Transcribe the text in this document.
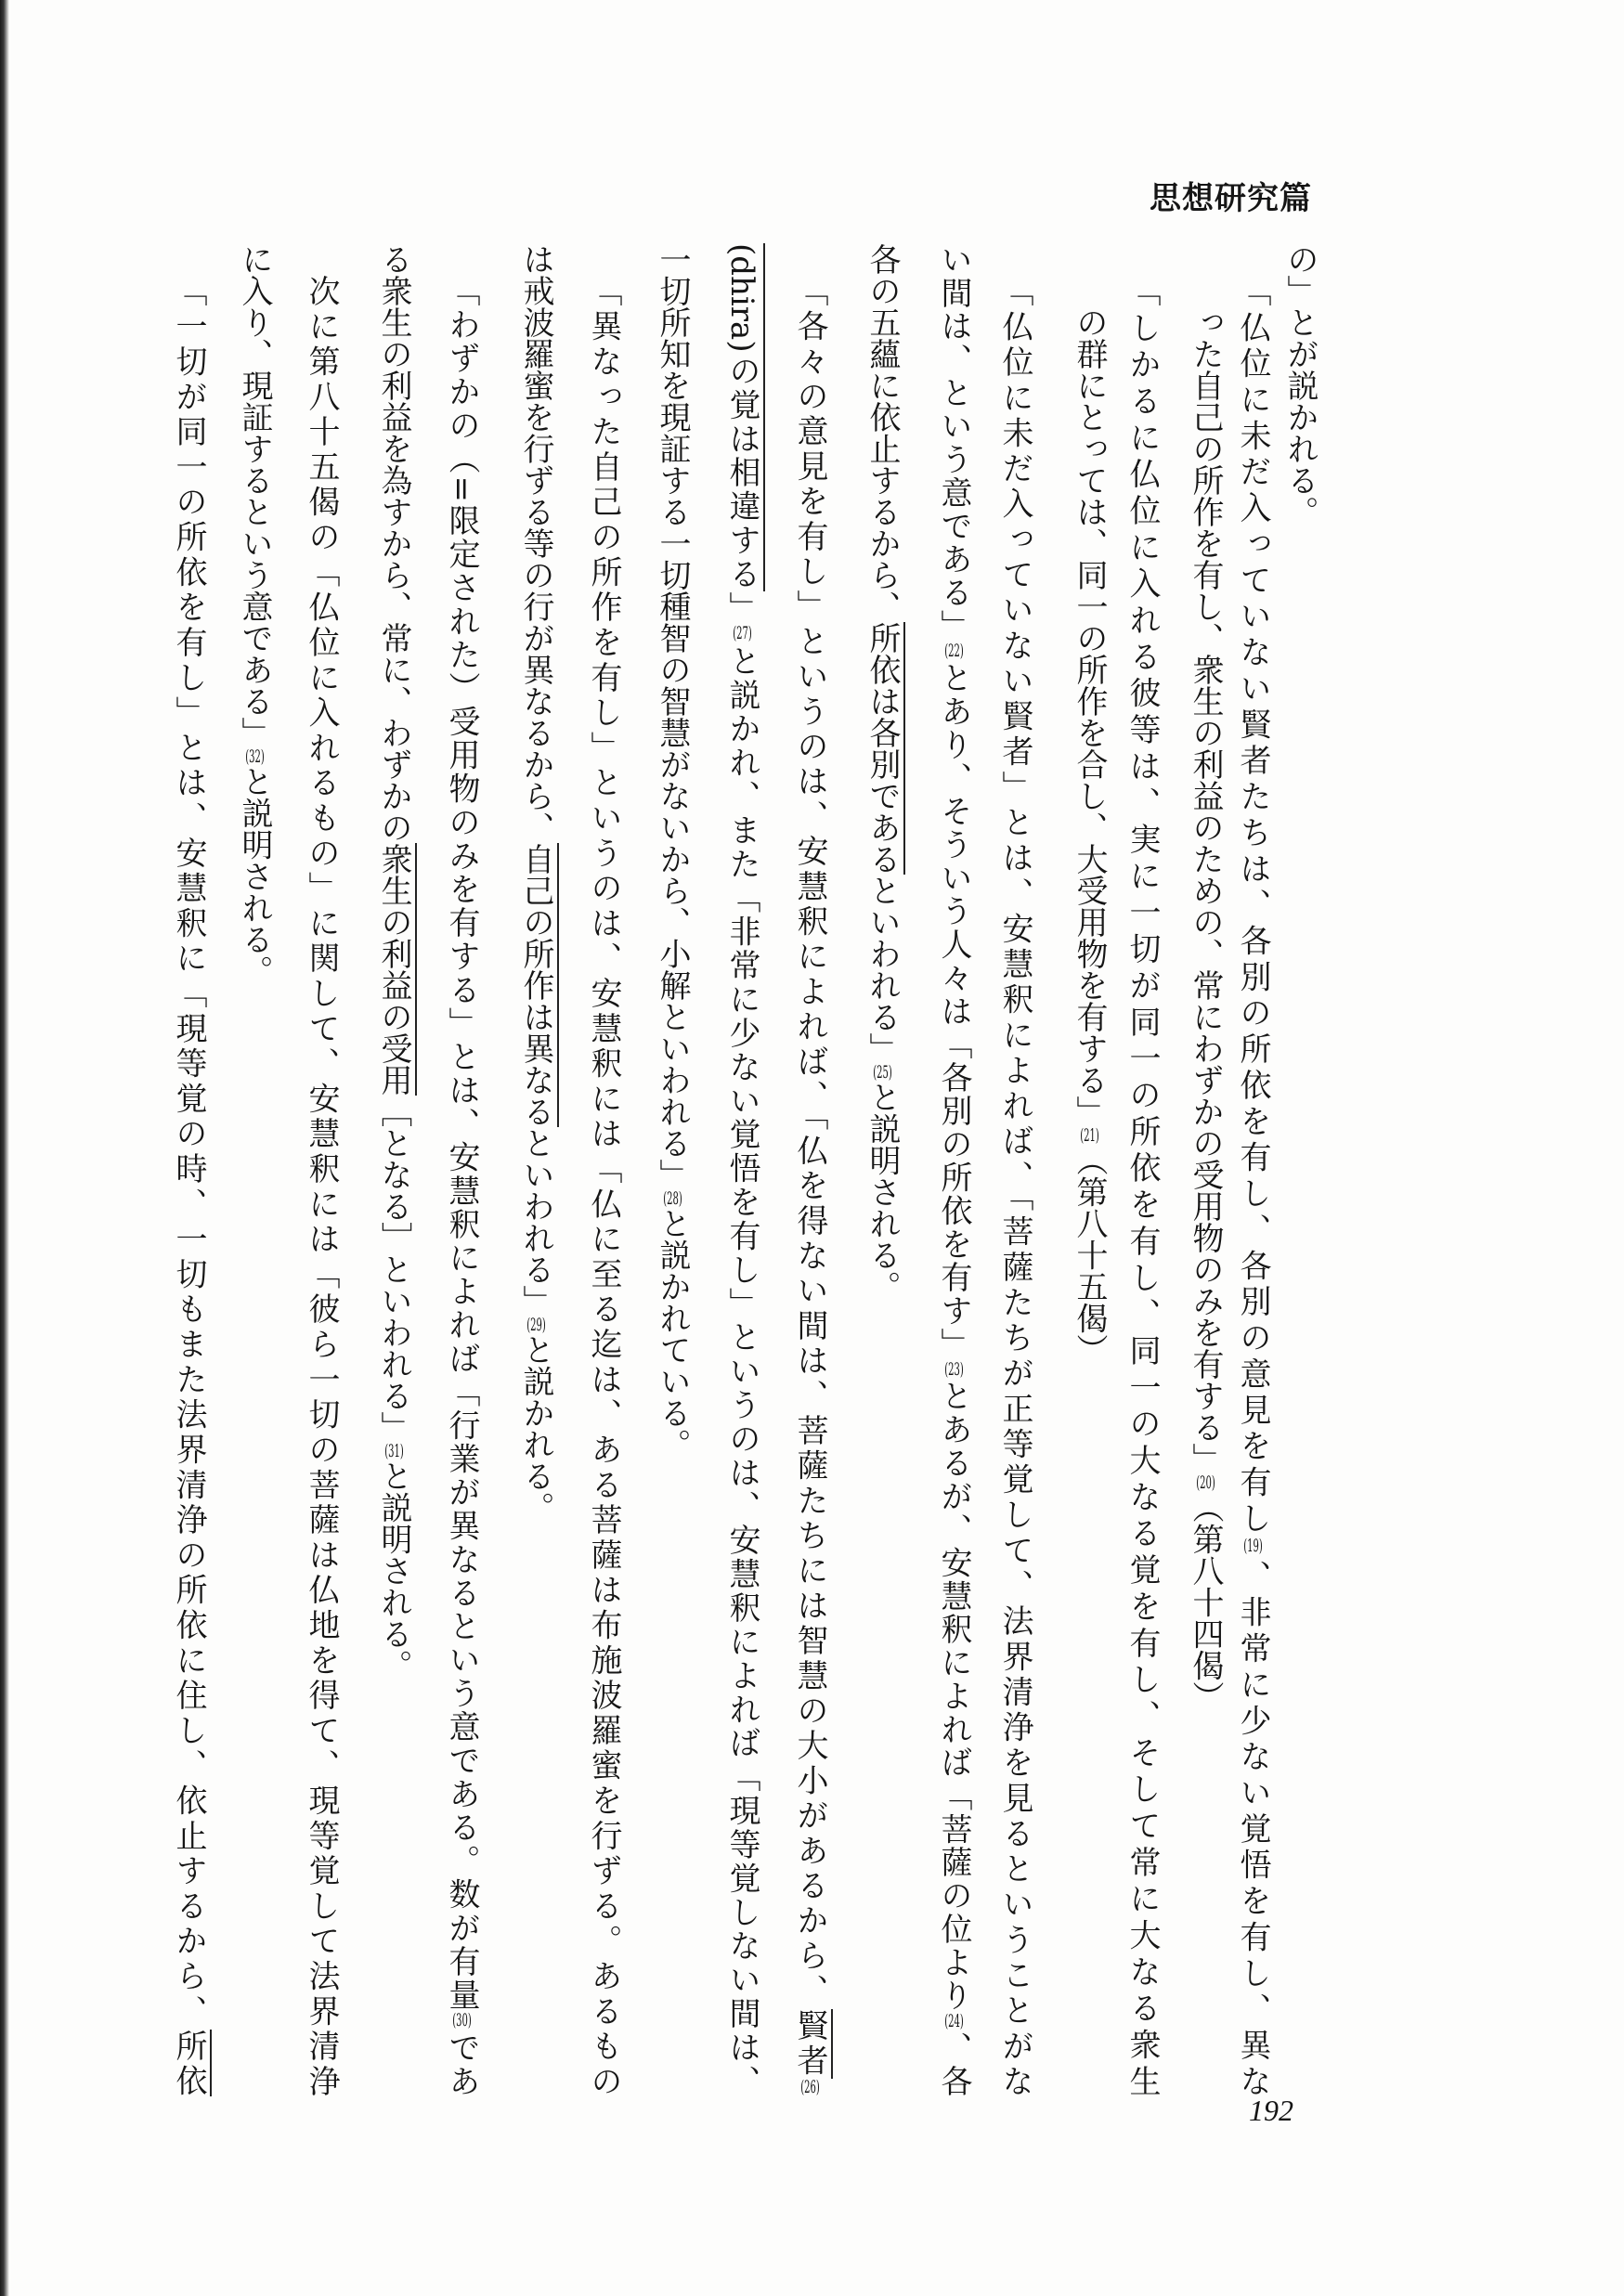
思想研究篇
の」とが説かれる。
「仏位に未だ入っていない賢者たちは、各別の所依を有し、各別の意見を有し(19)、非常に少ない覚悟を有し、異な
った自己の所作を有し、衆生の利益のための、常にわずかの受用物のみを有する」(20)（第八十四偈）
「しかるに仏位に入れる彼等は、実に一切が同一の所依を有し、同一の大なる覚を有し、そして常に大なる衆生
の群にとっては、同一の所作を合し、大受用物を有する」(21)（第八十五偈）
「仏位に未だ入っていない賢者」とは、安慧釈によれば、「菩薩たちが正等覚して、法界清浄を見るということがな
い間は、という意である」(22)とあり、そういう人々は「各別の所依を有す」(23)とあるが、安慧釈によれば「菩薩の位より(24)、各
各の五蘊に依止するから、所依は各別であるといわれる」(25)と説明される。
「各々の意見を有し」というのは、安慧釈によれば、「仏を得ない間は、菩薩たちには智慧の大小があるから、賢者(26)
(dhira)の覚は相違する」(27)と説かれ、また「非常に少ない覚悟を有し」というのは、安慧釈によれば「現等覚しない間は、
一切所知を現証する一切種智の智慧がないから、小解といわれる」(28)と説かれている。
「異なった自己の所作を有し」というのは、安慧釈には「仏に至る迄は、ある菩薩は布施波羅蜜を行ずる。あるもの
は戒波羅蜜を行ずる等の行が異なるから、自己の所作は異なるといわれる」(29)と説かれる。
「わずかの（=限定された）受用物のみを有する」とは、安慧釈によれば「行業が異なるという意である。数が有量(30)であ
る衆生の利益を為すから、常に、わずかの衆生の利益の受用［となる］といわれる」(31)と説明される。
次に第八十五偈の「仏位に入れるもの」に関して、安慧釈には「彼ら一切の菩薩は仏地を得て、現等覚して法界清浄
に入り、現証するという意である」(32)と説明される。
「一切が同一の所依を有し」とは、安慧釈に「現等覚の時、一切もまた法界清浄の所依に住し、依止するから、所依
192
